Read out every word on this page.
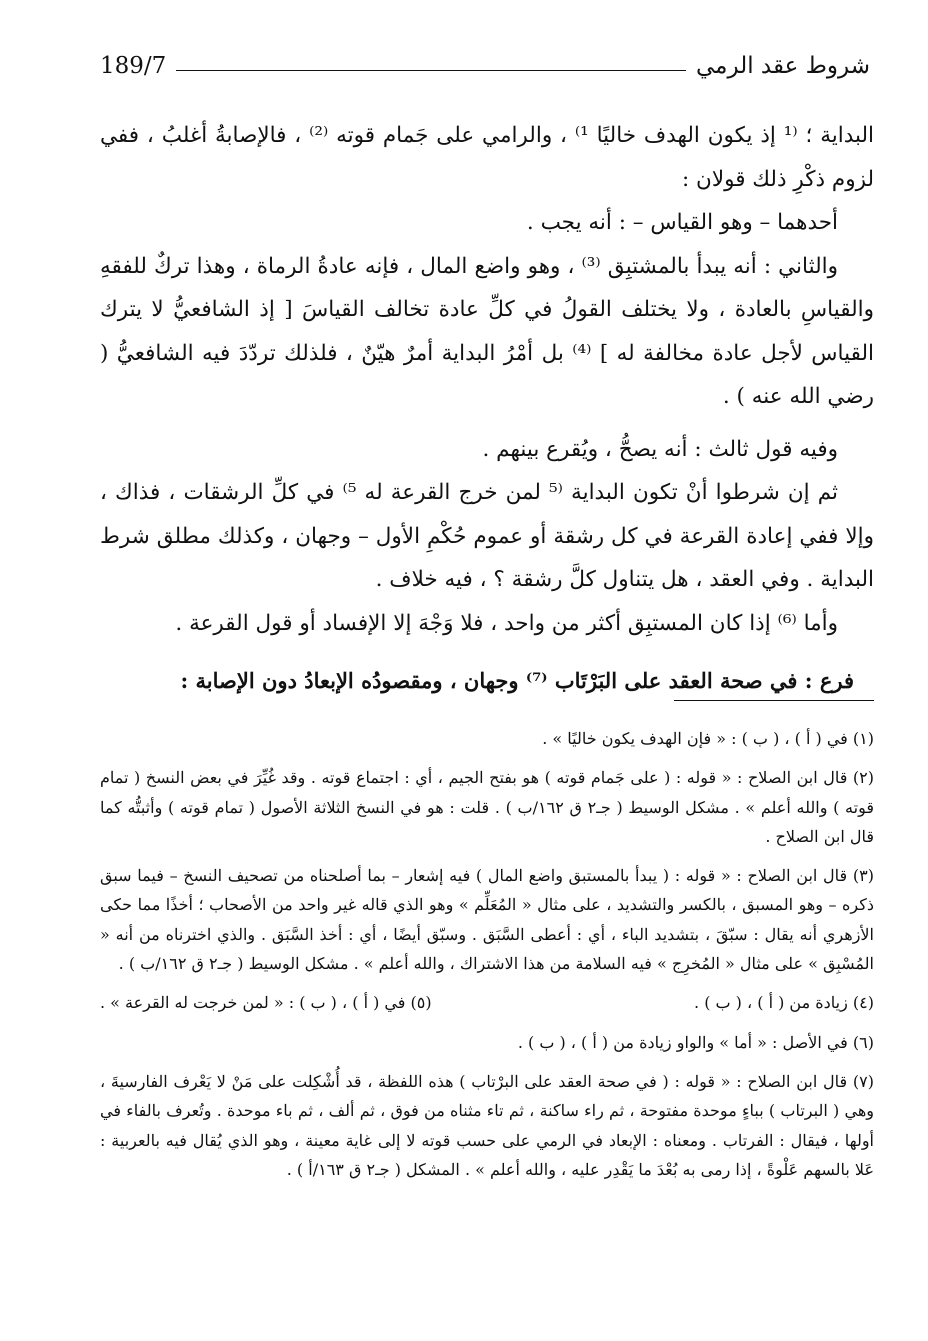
شروط عقد الرمي
189/7

البداية ؛ ⁽¹ إذ يكون الهدف خاليًا ¹⁾ ، والرامي على جَمام قوته ⁽²⁾ ، فالإصابةُ أغلبُ ، ففي لزوم ذكْرِ ذلك قولان :

أحدهما – وهو القياس – : أنه يجب .

والثاني : أنه يبدأ بالمشتبِق ⁽³⁾ ، وهو واضع المال ، فإنه عادةُ الرماة ، وهذا تركٌ للفقهِ والقياسِ بالعادة ، ولا يختلف القولُ في كلِّ عادة تخالف القياسَ [ إذ الشافعيُّ لا يترك القياس لأجل عادة مخالفة له ] ⁽⁴⁾ بل أمْرُ البداية أمرٌ هيّنٌ ، فلذلك تردّدَ فيه الشافعيُّ ( رضي الله عنه ) .

وفيه قول ثالث : أنه يصحُّ ، ويُقرع بينهم .

ثم إن شرطوا أنْ تكون البداية ⁽⁵ لمن خرج القرعة له ⁵⁾ في كلِّ الرشقات ، فذاك ، وإلا ففي إعادة القرعة في كل رشقة أو عموم حُكْمِ الأول – وجهان ، وكذلك مطلق شرط البداية . وفي العقد ، هل يتناول كلَّ رشقة ؟ ، فيه خلاف .

وأما ⁽⁶⁾ إذا كان المستبِق أكثر من واحد ، فلا وَجْهَ إلا الإفساد أو قول القرعة .

فرع : في صحة العقد على البَرْتَاب ⁽⁷⁾ وجهان ، ومقصودُه الإبعادُ دون الإصابة :

(١) في ( أ ) ، ( ب ) : « فإن الهدف يكون خاليًا » .

(٢) قال ابن الصلاح : « قوله : ( على جَمام قوته ) هو بفتح الجيم ، أي : اجتماع قوته . وقد غُيِّرَ في بعض النسخ ( تمام قوته ) والله أعلم » . مشكل الوسيط ( جـ٢ ق ١٦٢/ب ) . قلت : هو في النسخ الثلاثة الأصول ( تمام قوته ) وأثبتُّه كما قال ابن الصلاح .

(٣) قال ابن الصلاح : « قوله : ( يبدأ بالمستبق واضع المال ) فيه إشعار – بما أصلحناه من تصحيف النسخ – فيما سبق ذكره – وهو المسبق ، بالكسر والتشديد ، على مثال « المُعَلِّم » وهو الذي قاله غير واحد من الأصحاب ؛ أخذًا مما حكى الأزهري أنه يقال : سبّقَ ، بتشديد الباء ، أي : أعطى السَّبَق . وسبّق أيضًا ، أي : أخذ السَّبَق . والذي اخترناه من أنه « المُسْبِق » على مثال « المُخرِج » فيه السلامة من هذا الاشتراك ، والله أعلم » . مشكل الوسيط ( جـ٢ ق ١٦٢/ب ) .

(٤) زيادة من ( أ ) ، ( ب ) .
(٥) في ( أ ) ، ( ب ) : « لمن خرجت له القرعة » .

(٦) في الأصل : « أما » والواو زيادة من ( أ ) ، ( ب ) .

(٧) قال ابن الصلاح : « قوله : ( في صحة العقد على البرْتاب ) هذه اللفظة ، قد أُشْكِلت على مَنْ لا يَعْرف الفارسيةَ ، وهي ( البرتاب ) بباءٍ موحدة مفتوحة ، ثم راء ساكنة ، ثم تاء مثناه من فوق ، ثم ألف ، ثم باء موحدة . وتُعرف بالفاء في أولها ، فيقال : الفرتاب . ومعناه : الإبعاد في الرمي على حسب قوته لا إلى غاية معينة ، وهو الذي يُقال فيه بالعربية : عَلا بالسهم عَلْوةً ، إذا رمى به بُعْدَ ما يَقْدِر عليه ، والله أعلم » . المشكل ( جـ٢ ق ١٦٣/أ ) .
